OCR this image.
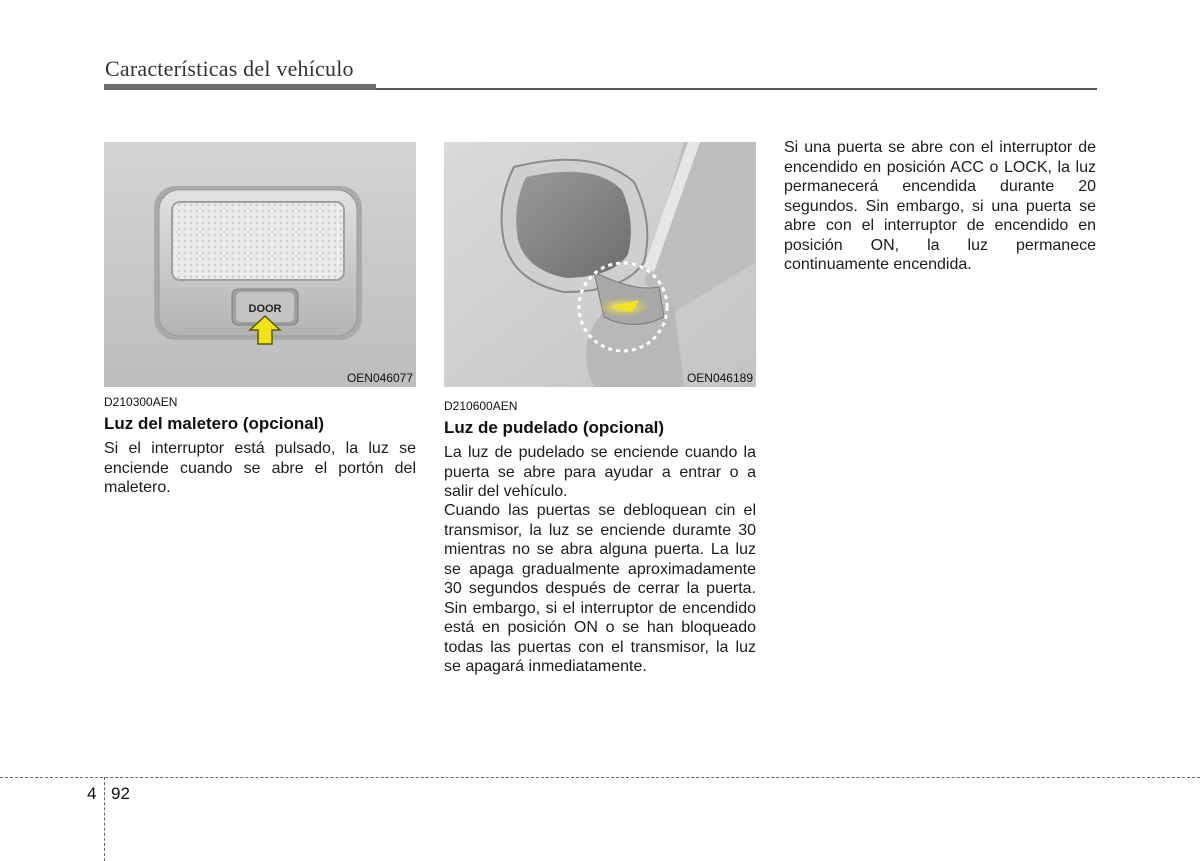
Características del vehículo
DOOR
OEN046077	OEN046189
D210300AEN
Luz del maletero (opcional)

Si el interruptor está pulsado, la luz se enciende cuando se abre el portón del maletero.

D210600AEN
Luz de pudelado (opcional)

La luz de pudelado se enciende cuando la puerta se abre para ayudar a entrar o a salir del vehículo.

Cuando las puertas se debloquean cin el transmisor, la luz se enciende duramte 30 mientras no se abra alguna puerta. La luz se apaga gradualmente aproximadamente 30 segundos después de cerrar la puerta. Sin embargo, si el interruptor de encendido está en posición ON o se han bloqueado todas las puertas con el transmisor, la luz se apagará inmediatamente.

Si una puerta se abre con el interruptor de encendido en posición ACC o LOCK, la luz permanecerá encendida durante 20 segundos. Sin embargo, si una puerta se abre con el interruptor de encendido en posición ON, la luz permanece continuamente encendida.

4 92
